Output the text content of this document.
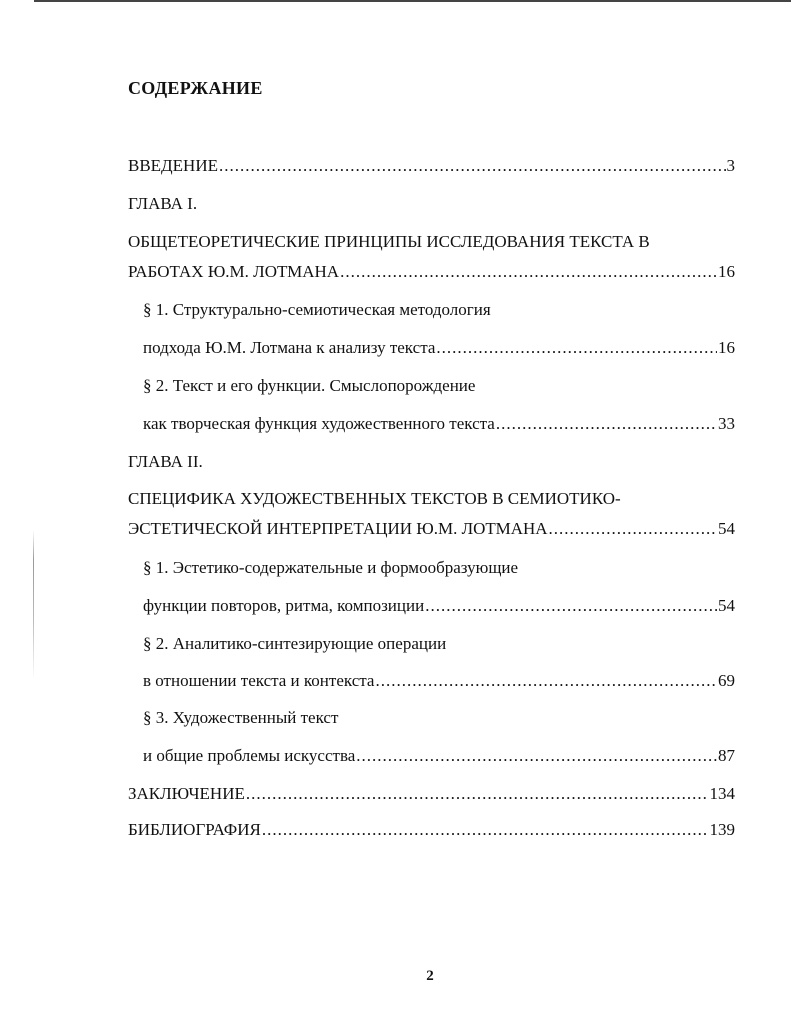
СОДЕРЖАНИЕ
ВВЕДЕНИЕ .....	3
ГЛАВА I.
ОБЩЕТЕОРЕТИЧЕСКИЕ ПРИНЦИПЫ ИССЛЕДОВАНИЯ ТЕКСТА В
РАБОТАХ Ю.М. ЛОТМАНА .....	16
§ 1. Структурально-семиотическая методология
подхода Ю.М. Лотмана к анализу текста .....	16
§ 2. Текст и его функции. Смыслопорождение
как творческая функция художественного текста .....	33
ГЛАВА II.
СПЕЦИФИКА ХУДОЖЕСТВЕННЫХ ТЕКСТОВ В СЕМИОТИКО-
ЭСТЕТИЧЕСКОЙ ИНТЕРПРЕТАЦИИ Ю.М. ЛОТМАНА .....	54
§ 1. Эстетико-содержательные и формообразующие
функции повторов, ритма, композиции .....	54
§ 2. Аналитико-синтезирующие операции
в отношении текста и контекста .....	69
§ 3. Художественный текст
и общие проблемы искусства .....	87
ЗАКЛЮЧЕНИЕ .....	134
БИБЛИОГРАФИЯ .....	139
2
